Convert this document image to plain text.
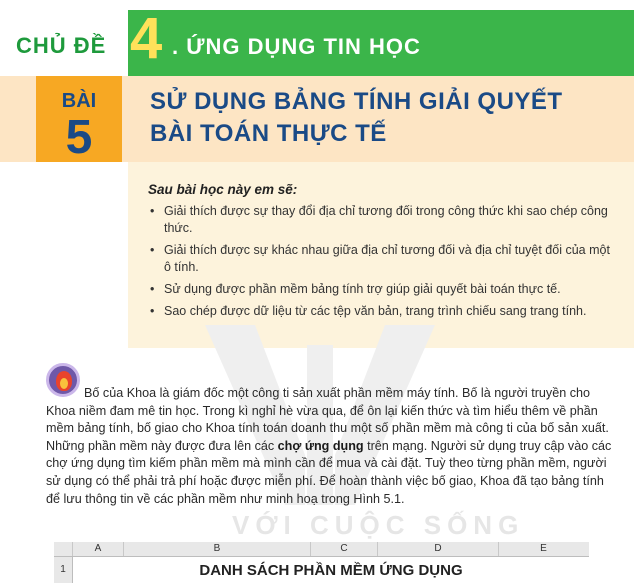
CHỦ ĐỀ 4 . ỨNG DỤNG TIN HỌC
BÀI
5
SỬ DỤNG BẢNG TÍNH GIẢI QUYẾT
BÀI TOÁN THỰC TẾ
Sau bài học này em sẽ:
• Giải thích được sự thay đổi địa chỉ tương đối trong công thức khi sao chép công thức.
• Giải thích được sự khác nhau giữa địa chỉ tương đối và địa chỉ tuyệt đối của một ô tính.
• Sử dụng được phần mềm bảng tính trợ giúp giải quyết bài toán thực tế.
• Sao chép được dữ liệu từ các tệp văn bản, trang trình chiếu sang trang tính.
VỚI CUỘC SỐNG

Bố của Khoa là giám đốc một công ti sản xuất phần mềm máy tính. Bố là người truyền cho Khoa niềm đam mê tin học. Trong kì nghỉ hè vừa qua, để ôn lại kiến thức và tìm hiểu thêm về phần mềm bảng tính, bố giao cho Khoa tính toán doanh thu một số phần mềm mà công ti của bố sản xuất. Những phần mềm này được đưa lên các chợ ứng dụng trên mạng. Người sử dụng truy cập vào các chợ ứng dụng tìm kiếm phần mềm mà mình cần để mua và cài đặt. Tuỳ theo từng phần mềm, người sử dụng có thể phải trả phí hoặc được miễn phí. Để hoàn thành việc bố giao, Khoa đã tạo bảng tính để lưu thông tin về các phần mềm như minh hoạ trong Hình 5.1.

A	B	C	D	E
1	DANH SÁCH PHẦN MỀM ỨNG DỤNG
